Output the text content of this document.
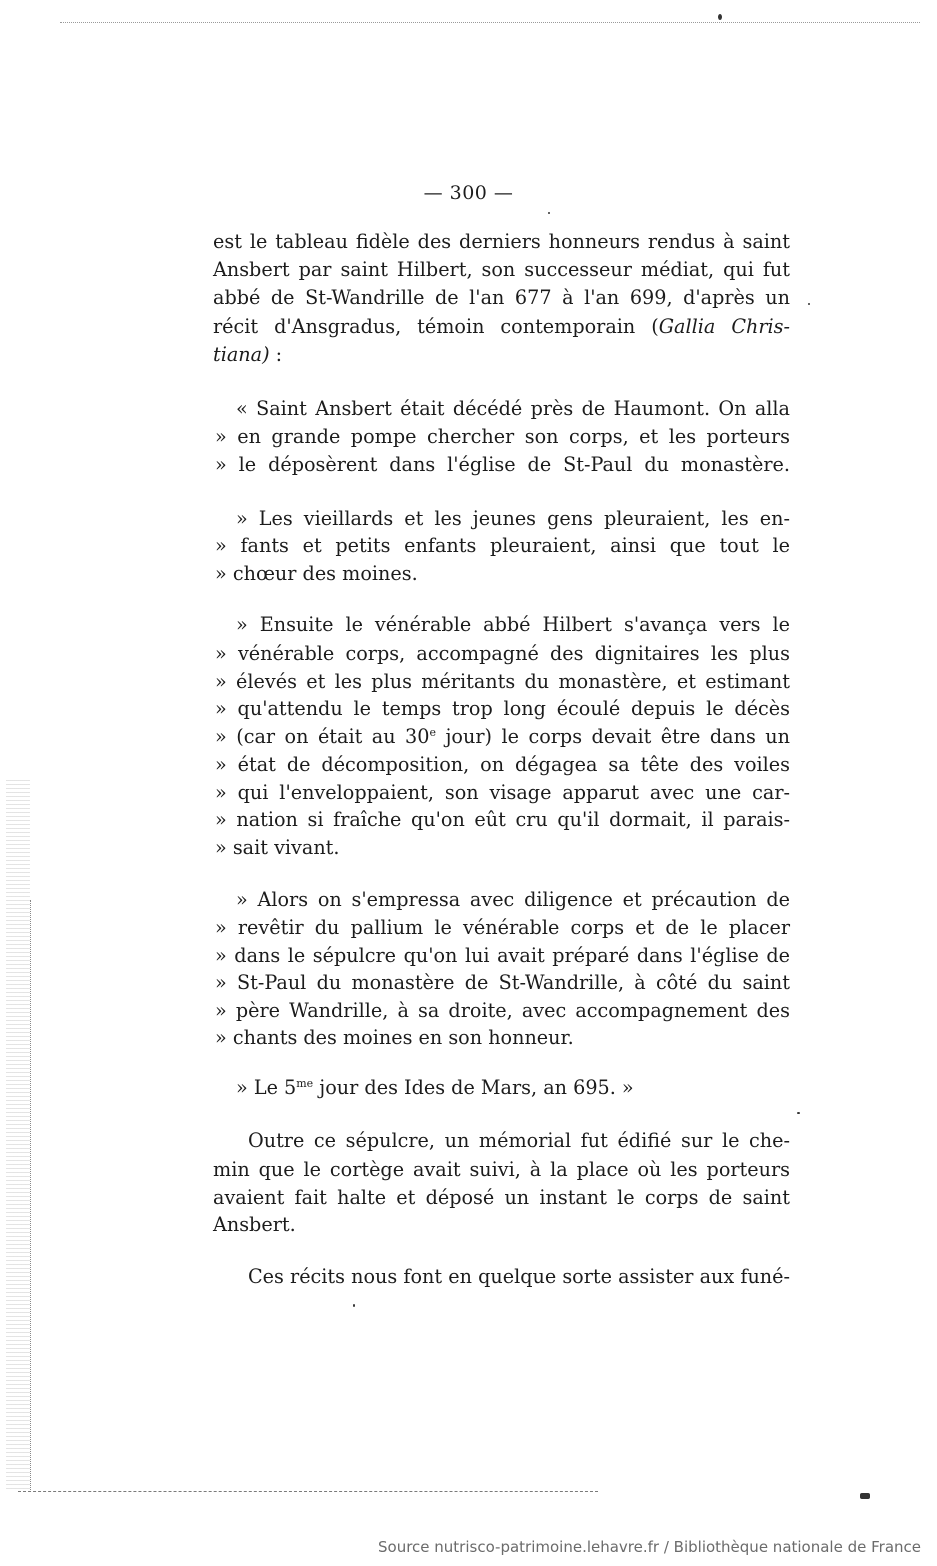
— 300 —
est le tableau fidèle des derniers honneurs rendus à saint
Ansbert par saint Hilbert, son successeur médiat, qui fut
abbé de St-Wandrille de l'an 677 à l'an 699, d'après un
récit d'Ansgradus, témoin contemporain (Gallia Chris-
tiana) :
« Saint Ansbert était décédé près de Haumont. On alla
» en grande pompe chercher son corps, et les porteurs
» le déposèrent dans l'église de St-Paul du monastère.
» Les vieillards et les jeunes gens pleuraient, les en-
» fants et petits enfants pleuraient, ainsi que tout le
» chœur des moines.
» Ensuite le vénérable abbé Hilbert s'avança vers le
» vénérable corps, accompagné des dignitaires les plus
» élevés et les plus méritants du monastère, et estimant
» qu'attendu le temps trop long écoulé depuis le décès
» (car on était au 30e jour) le corps devait être dans un
» état de décomposition, on dégagea sa tête des voiles
» qui l'enveloppaient, son visage apparut avec une car-
» nation si fraîche qu'on eût cru qu'il dormait, il parais-
» sait vivant.
» Alors on s'empressa avec diligence et précaution de
» revêtir du pallium le vénérable corps et de le placer
» dans le sépulcre qu'on lui avait préparé dans l'église de
» St-Paul du monastère de St-Wandrille, à côté du saint
» père Wandrille, à sa droite, avec accompagnement des
» chants des moines en son honneur.
» Le $5^{me}$ jour des Ides de Mars, an 695. »
Outre ce sépulcre, un mémorial fut édifié sur le che-
min que le cortège avait suivi, à la place où les porteurs
avaient fait halte et déposé un instant le corps de saint
Ansbert.
Ces récits nous font en quelque sorte assister aux funé-
Source nutrisco-patrimoine.lehavre.fr / Bibliothèque nationale de France
